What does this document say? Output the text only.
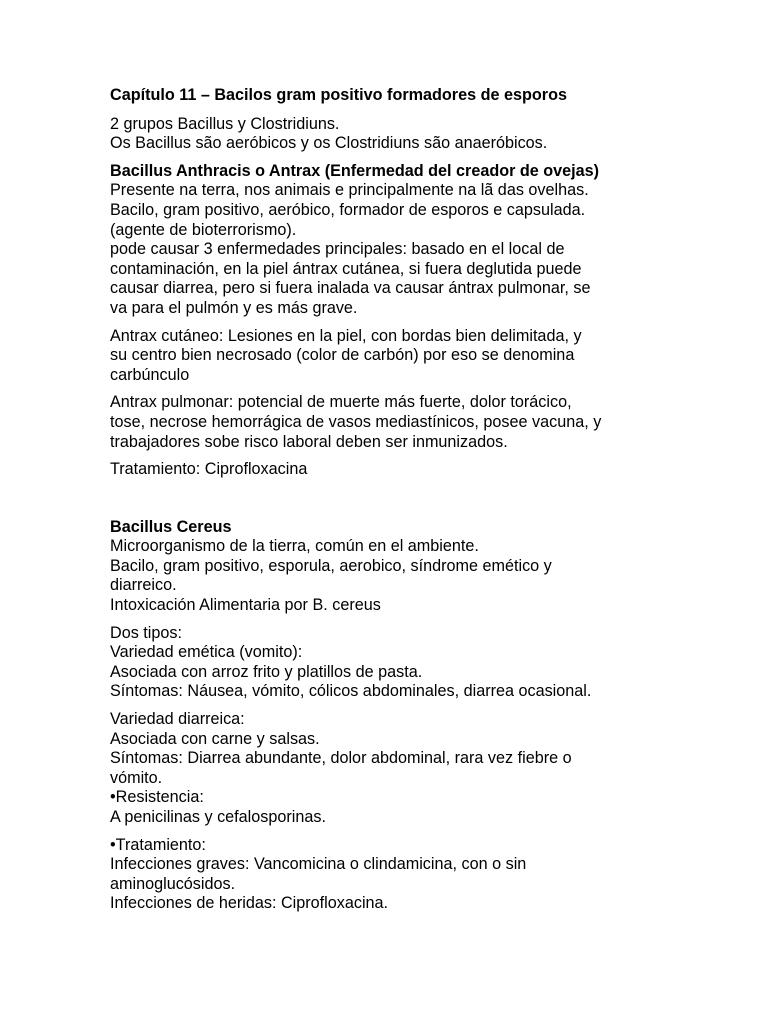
Capítulo 11 – Bacilos gram positivo formadores de esporos

2 grupos Bacillus y Clostridiuns.
Os Bacillus são aeróbicos y os Clostridiuns são anaeróbicos.

Bacillus Anthracis o Antrax (Enfermedad del creador de ovejas)
Presente na terra, nos animais e principalmente na lã das ovelhas.
Bacilo, gram positivo, aeróbico, formador de esporos e capsulada.
(agente de bioterrorismo).
pode causar 3 enfermedades principales: basado en el local de
contaminación, en la piel ántrax cutánea, si fuera deglutida puede
causar diarrea, pero si fuera inalada va causar ántrax pulmonar, se
va para el pulmón y es más grave.

Antrax cutáneo: Lesiones en la piel, con bordas bien delimitada, y
su centro bien necrosado (color de carbón) por eso se denomina
carbúnculo

Antrax pulmonar: potencial de muerte más fuerte, dolor torácico,
tose, necrose hemorrágica de vasos mediastínicos, posee vacuna, y
trabajadores sobe risco laboral deben ser inmunizados.

Tratamiento: Ciprofloxacina

Bacillus Cereus
Microorganismo de la tierra, común en el ambiente.
Bacilo, gram positivo, esporula, aerobico, síndrome emético y
diarreico.
Intoxicación Alimentaria por B. cereus

Dos tipos:
Variedad emética (vomito):
Asociada con arroz frito y platillos de pasta.
Síntomas: Náusea, vómito, cólicos abdominales, diarrea ocasional.

Variedad diarreica:
Asociada con carne y salsas.
Síntomas: Diarrea abundante, dolor abdominal, rara vez fiebre o
vómito.
•Resistencia:
A penicilinas y cefalosporinas.

•Tratamiento:
Infecciones graves: Vancomicina o clindamicina, con o sin
aminoglucósidos.
Infecciones de heridas: Ciprofloxacina.
